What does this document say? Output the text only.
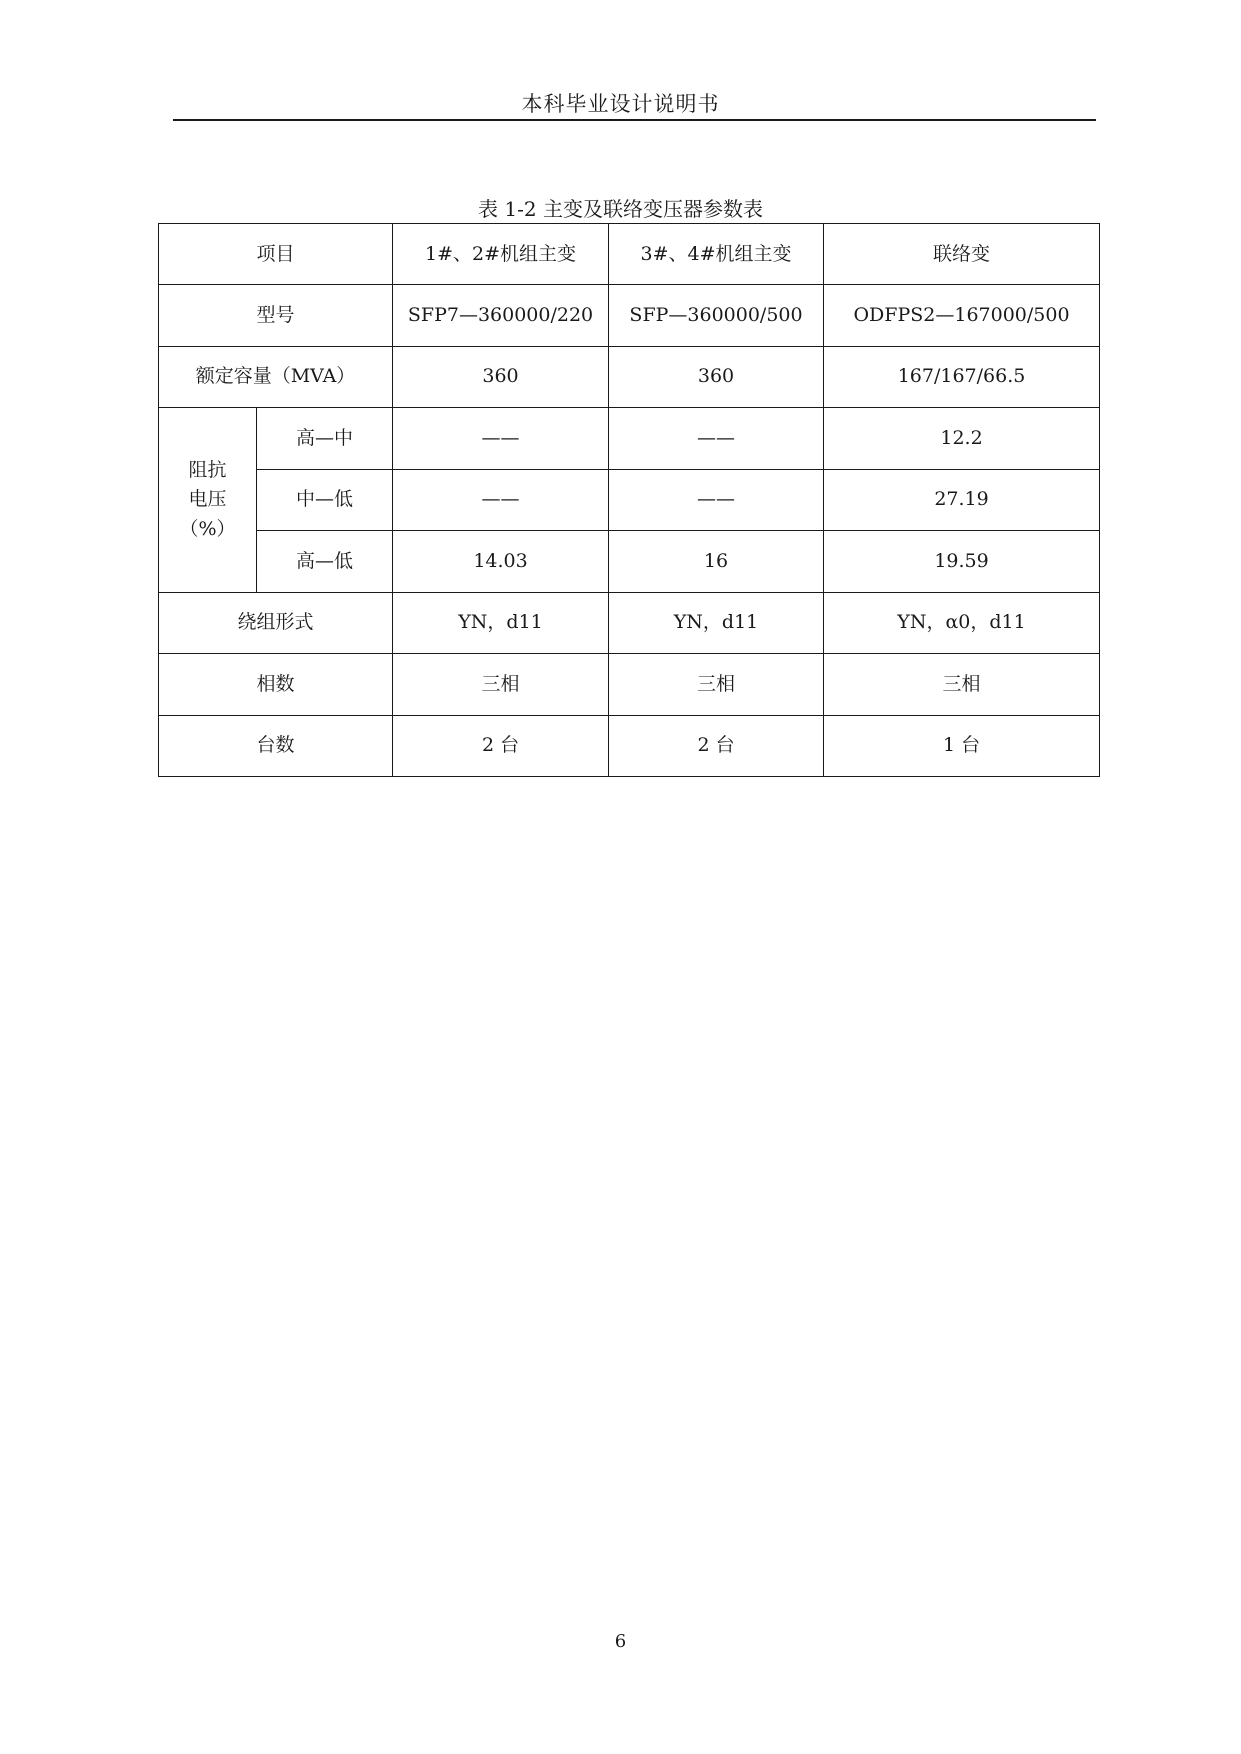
本科毕业设计说明书
表 1-2 主变及联络变压器参数表
项目		1#、2#机组主变	3#、4#机组主变	联络变
型号		SFP7—360000/220	SFP—360000/500	ODFPS2—167000/500
额定容量（MVA）		360	360	167/167/66.5

阻抗
电压
（%）	高—中	——	——	12.2
	中—低	——	——	27.19
	高—低	14.03	16	19.59
绕组形式		YN，d11	YN，d11	YN，α0，d11
相数		三相	三相	三相
台数		2 台	2 台	1 台
6
